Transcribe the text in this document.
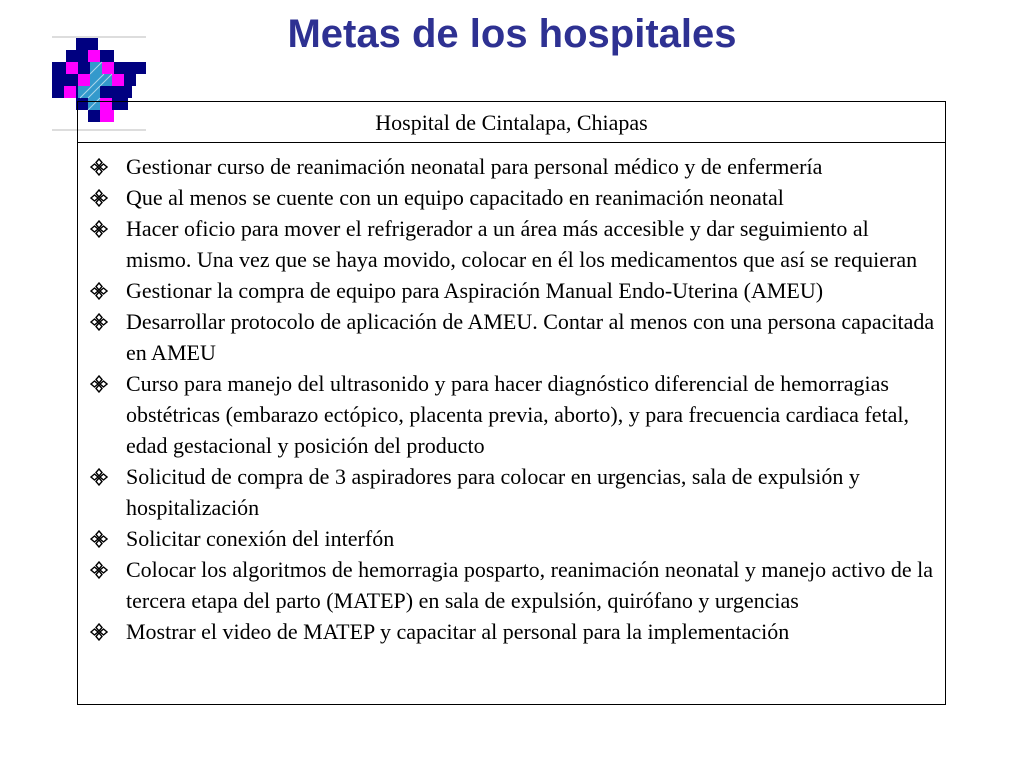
Metas de los hospitales
Hospital de Cintalapa, Chiapas
Gestionar curso de reanimación neonatal para personal médico y de enfermería
Que al menos se cuente con un equipo capacitado en reanimación neonatal
Hacer oficio para mover el refrigerador a un área más accesible y dar seguimiento al mismo. Una vez que se haya movido, colocar en él los medicamentos que así se requieran
Gestionar la compra de equipo para Aspiración Manual Endo-Uterina (AMEU)
Desarrollar protocolo de aplicación de AMEU. Contar al menos con una persona capacitada en AMEU
Curso para manejo del ultrasonido y para hacer diagnóstico diferencial de hemorragias obstétricas (embarazo ectópico, placenta previa, aborto), y para frecuencia cardiaca fetal, edad gestacional y posición del producto
Solicitud de compra de 3 aspiradores para colocar en urgencias, sala de expulsión y hospitalización
Solicitar conexión del interfón
Colocar los algoritmos de hemorragia posparto, reanimación neonatal y manejo activo de la tercera etapa del parto (MATEP) en sala de expulsión, quirófano y urgencias
Mostrar el video de MATEP y capacitar al personal para la implementación
